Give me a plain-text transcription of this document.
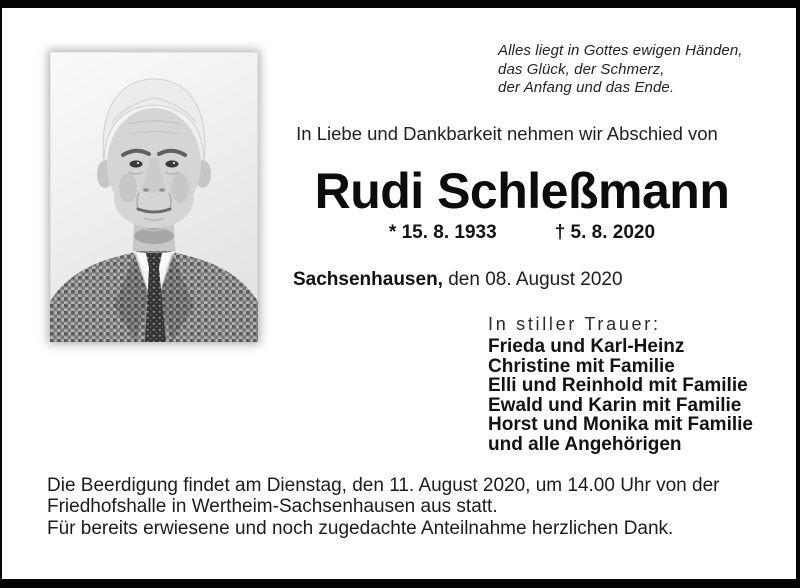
Alles liegt in Gottes ewigen Händen,
das Glück, der Schmerz,
der Anfang und das Ende.
In Liebe und Dankbarkeit nehmen wir Abschied von
Rudi Schleßmann
* 15. 8. 1933	† 5. 8. 2020
Sachsenhausen, den 08. August 2020
In stiller Trauer:
Frieda und Karl-Heinz
Christine mit Familie
Elli und Reinhold mit Familie
Ewald und Karin mit Familie
Horst und Monika mit Familie
und alle Angehörigen
Die Beerdigung findet am Dienstag, den 11. August 2020, um 14.00 Uhr von der
Friedhofshalle in Wertheim-Sachsenhausen aus statt.
Für bereits erwiesene und noch zugedachte Anteilnahme herzlichen Dank.
